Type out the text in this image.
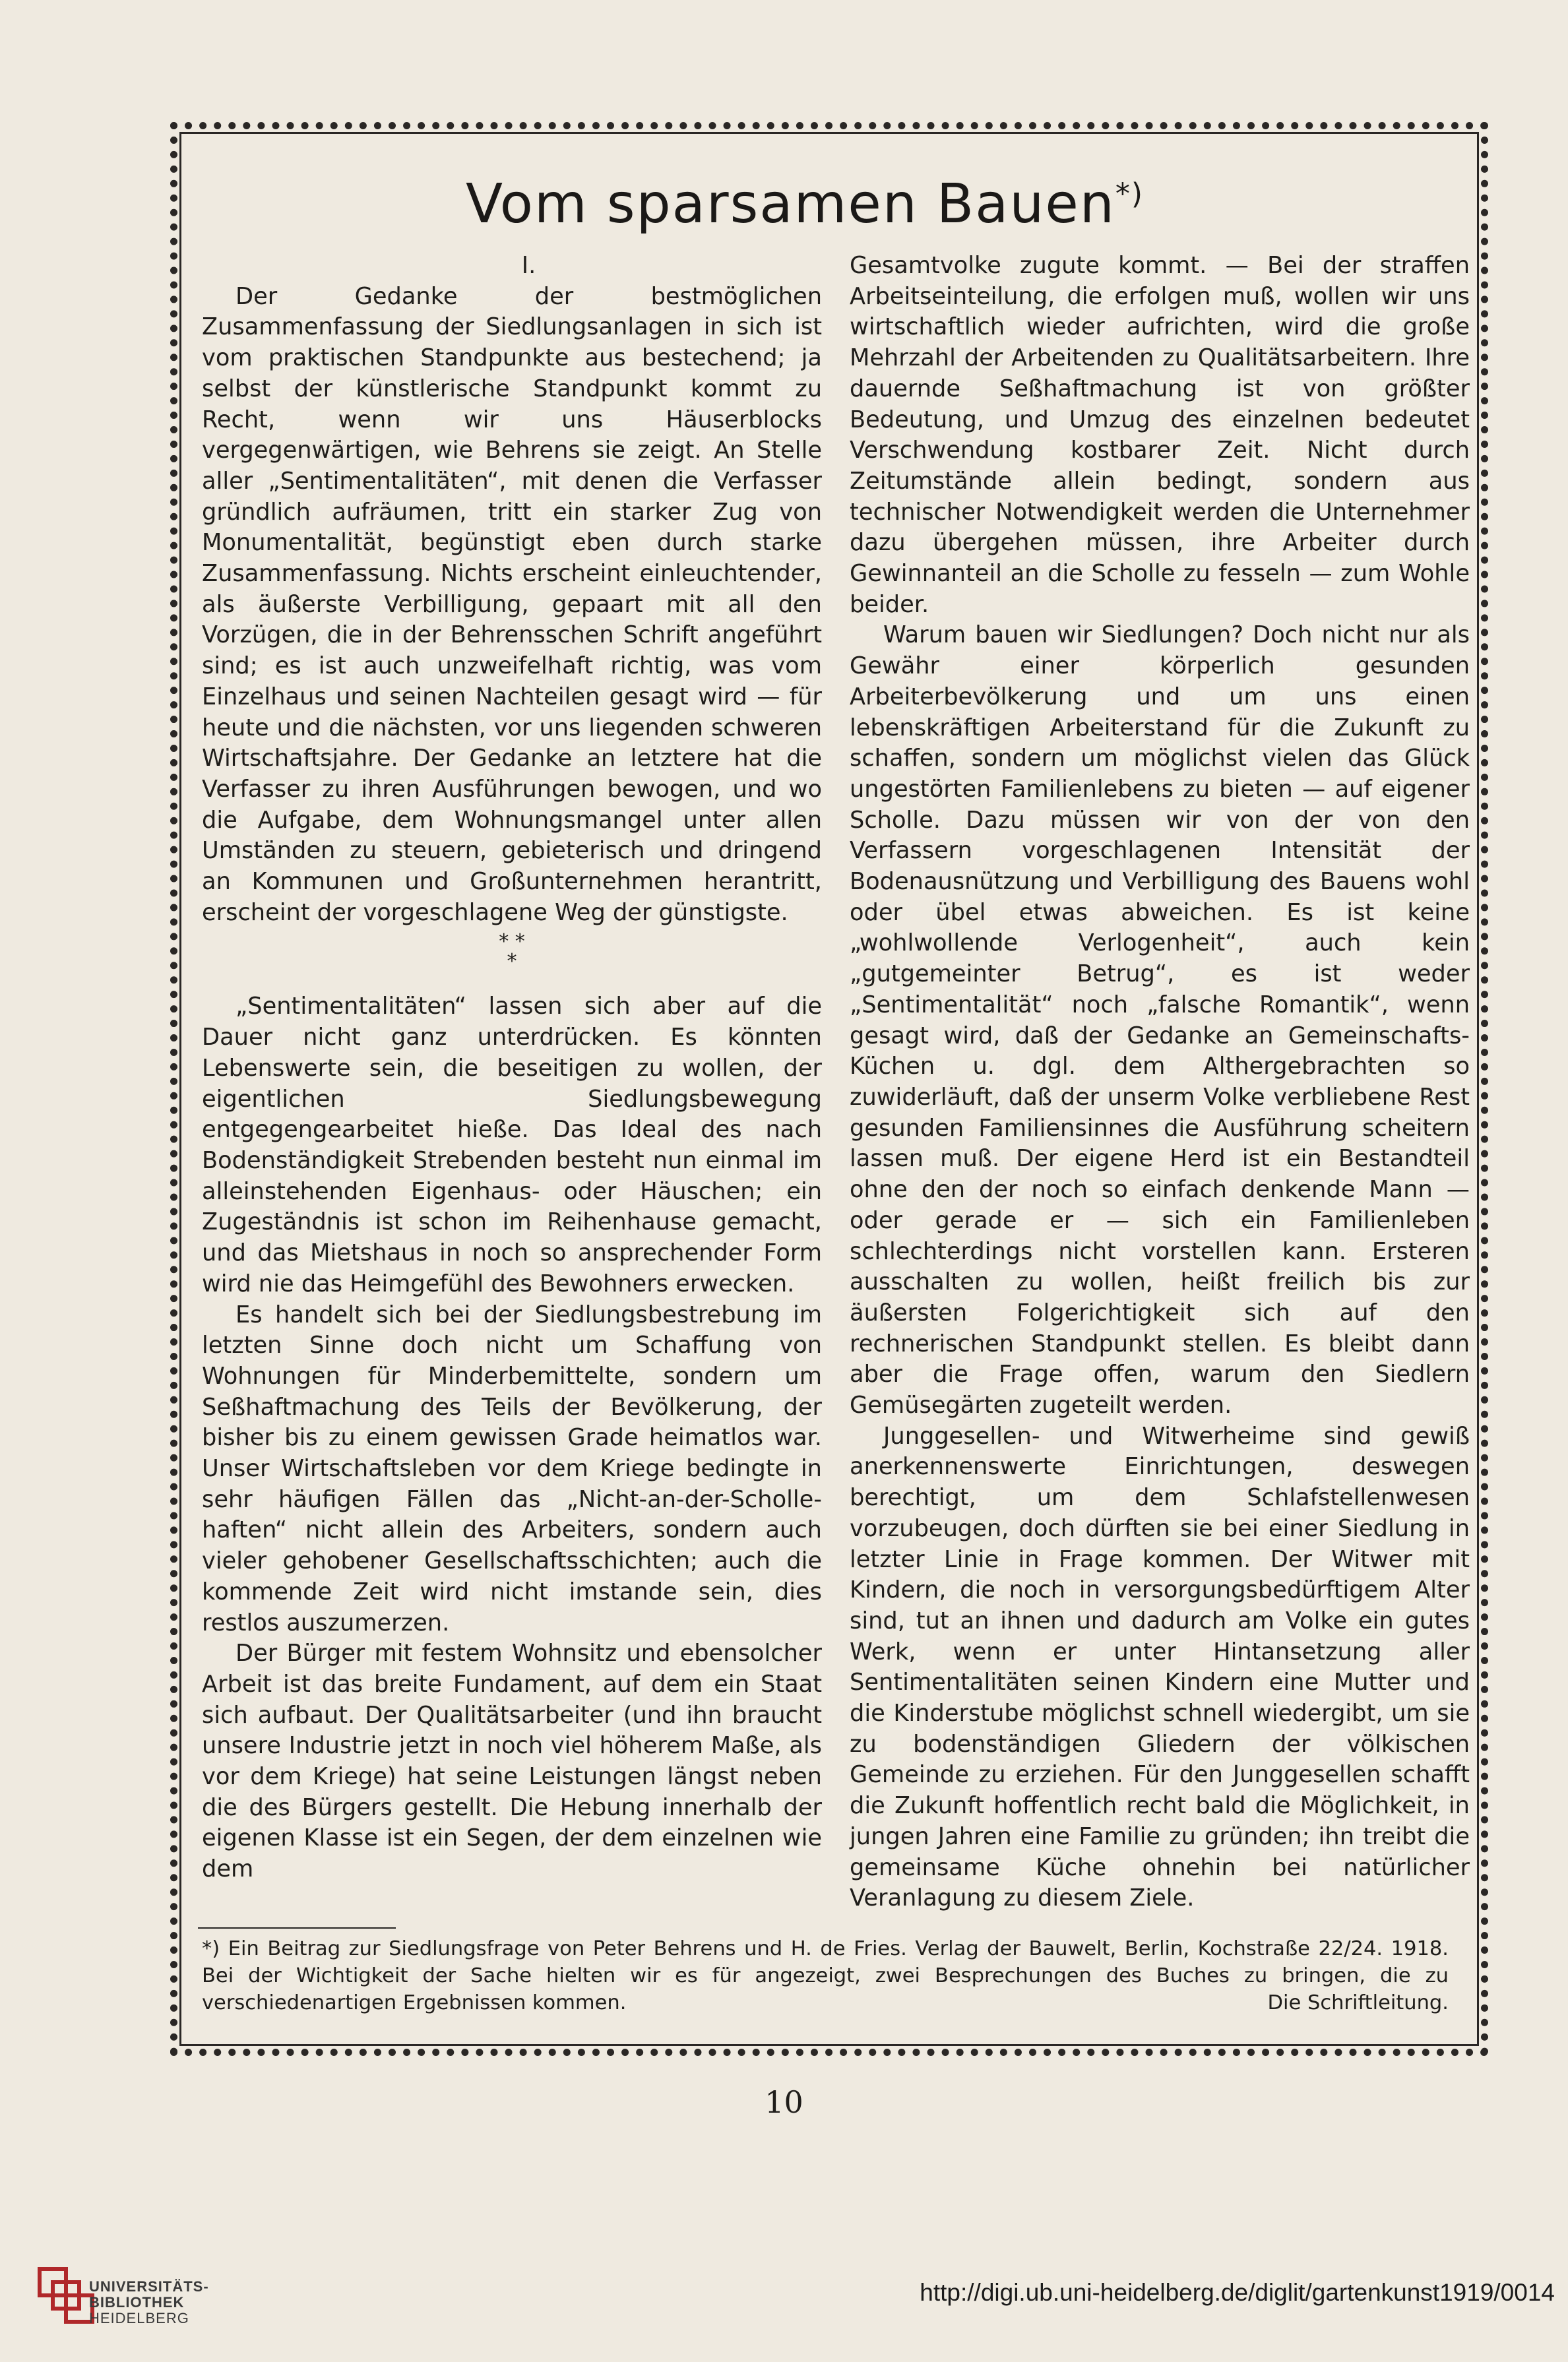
Vom sparsamen Bauen*)

I.

Der Gedanke der bestmöglichen Zusammenfassung der Siedlungsanlagen in sich ist vom praktischen Standpunkte aus bestechend; ja selbst der künstlerische Standpunkt kommt zu Recht, wenn wir uns Häuserblocks vergegenwärtigen, wie Behrens sie zeigt. An Stelle aller „Sentimentalitäten“, mit denen die Verfasser gründlich aufräumen, tritt ein starker Zug von Monumentalität, begünstigt eben durch starke Zusammenfassung. Nichts erscheint einleuchtender, als äußerste Verbilligung, gepaart mit all den Vorzügen, die in der Behrensschen Schrift angeführt sind; es ist auch unzweifelhaft richtig, was vom Einzelhaus und seinen Nachteilen gesagt wird — für heute und die nächsten, vor uns liegenden schweren Wirtschaftsjahre. Der Gedanke an letztere hat die Verfasser zu ihren Ausführungen bewogen, und wo die Aufgabe, dem Wohnungsmangel unter allen Umständen zu steuern, gebieterisch und dringend an Kommunen und Großunternehmen herantritt, erscheint der vorgeschlagene Weg der günstigste.

* *
*

„Sentimentalitäten“ lassen sich aber auf die Dauer nicht ganz unterdrücken. Es könnten Lebenswerte sein, die beseitigen zu wollen, der eigentlichen Siedlungsbewegung entgegengearbeitet hieße. Das Ideal des nach Bodenständigkeit Strebenden besteht nun einmal im alleinstehenden Eigenhaus- oder Häuschen; ein Zugeständnis ist schon im Reihenhause gemacht, und das Mietshaus in noch so ansprechender Form wird nie das Heimgefühl des Bewohners erwecken.

Es handelt sich bei der Siedlungsbestrebung im letzten Sinne doch nicht um Schaffung von Wohnungen für Minderbemittelte, sondern um Seßhaftmachung des Teils der Bevölkerung, der bisher bis zu einem gewissen Grade heimatlos war. Unser Wirtschaftsleben vor dem Kriege bedingte in sehr häufigen Fällen das „Nicht-an-der-Scholle-haften“ nicht allein des Arbeiters, sondern auch vieler gehobener Gesellschaftsschichten; auch die kommende Zeit wird nicht imstande sein, dies restlos auszumerzen.

Der Bürger mit festem Wohnsitz und ebensolcher Arbeit ist das breite Fundament, auf dem ein Staat sich aufbaut. Der Qualitätsarbeiter (und ihn braucht unsere Industrie jetzt in noch viel höherem Maße, als vor dem Kriege) hat seine Leistungen längst neben die des Bürgers gestellt. Die Hebung innerhalb der eigenen Klasse ist ein Segen, der dem einzelnen wie dem

Gesamtvolke zugute kommt. — Bei der straffen Arbeitseinteilung, die erfolgen muß, wollen wir uns wirtschaftlich wieder aufrichten, wird die große Mehrzahl der Arbeitenden zu Qualitätsarbeitern. Ihre dauernde Seßhaftmachung ist von größter Bedeutung, und Umzug des einzelnen bedeutet Verschwendung kostbarer Zeit. Nicht durch Zeitumstände allein bedingt, sondern aus technischer Notwendigkeit werden die Unternehmer dazu übergehen müssen, ihre Arbeiter durch Gewinnanteil an die Scholle zu fesseln — zum Wohle beider.

Warum bauen wir Siedlungen? Doch nicht nur als Gewähr einer körperlich gesunden Arbeiterbevölkerung und um uns einen lebenskräftigen Arbeiterstand für die Zukunft zu schaffen, sondern um möglichst vielen das Glück ungestörten Familienlebens zu bieten — auf eigener Scholle. Dazu müssen wir von der von den Verfassern vorgeschlagenen Intensität der Bodenausnützung und Verbilligung des Bauens wohl oder übel etwas abweichen. Es ist keine „wohlwollende Verlogenheit“, auch kein „gutgemeinter Betrug“, es ist weder „Sentimentalität“ noch „falsche Romantik“, wenn gesagt wird, daß der Gedanke an Gemeinschafts-Küchen u. dgl. dem Althergebrachten so zuwiderläuft, daß der unserm Volke verbliebene Rest gesunden Familiensinnes die Ausführung scheitern lassen muß. Der eigene Herd ist ein Bestandteil ohne den der noch so einfach denkende Mann — oder gerade er — sich ein Familienleben schlechterdings nicht vorstellen kann. Ersteren ausschalten zu wollen, heißt freilich bis zur äußersten Folgerichtigkeit sich auf den rechnerischen Standpunkt stellen. Es bleibt dann aber die Frage offen, warum den Siedlern Gemüsegärten zugeteilt werden.

Junggesellen- und Witwerheime sind gewiß anerkennenswerte Einrichtungen, deswegen berechtigt, um dem Schlafstellenwesen vorzubeugen, doch dürften sie bei einer Siedlung in letzter Linie in Frage kommen. Der Witwer mit Kindern, die noch in versorgungsbedürftigem Alter sind, tut an ihnen und dadurch am Volke ein gutes Werk, wenn er unter Hintansetzung aller Sentimentalitäten seinen Kindern eine Mutter und die Kinderstube möglichst schnell wiedergibt, um sie zu bodenständigen Gliedern der völkischen Gemeinde zu erziehen. Für den Junggesellen schafft die Zukunft hoffentlich recht bald die Möglichkeit, in jungen Jahren eine Familie zu gründen; ihn treibt die gemeinsame Küche ohnehin bei natürlicher Veranlagung zu diesem Ziele.

*) Ein Beitrag zur Siedlungsfrage von Peter Behrens und H. de Fries. Verlag der Bauwelt, Berlin, Kochstraße 22/24. 1918. Bei der Wichtigkeit der Sache hielten wir es für angezeigt, zwei Besprechungen des Buches zu bringen, die zu verschiedenartigen Ergebnissen kommen.	Die Schriftleitung.
10
UNIVERSITÄTS-
BIBLIOTHEK
HEIDELBERG
http://digi.ub.uni-heidelberg.de/diglit/gartenkunst1919/0014
